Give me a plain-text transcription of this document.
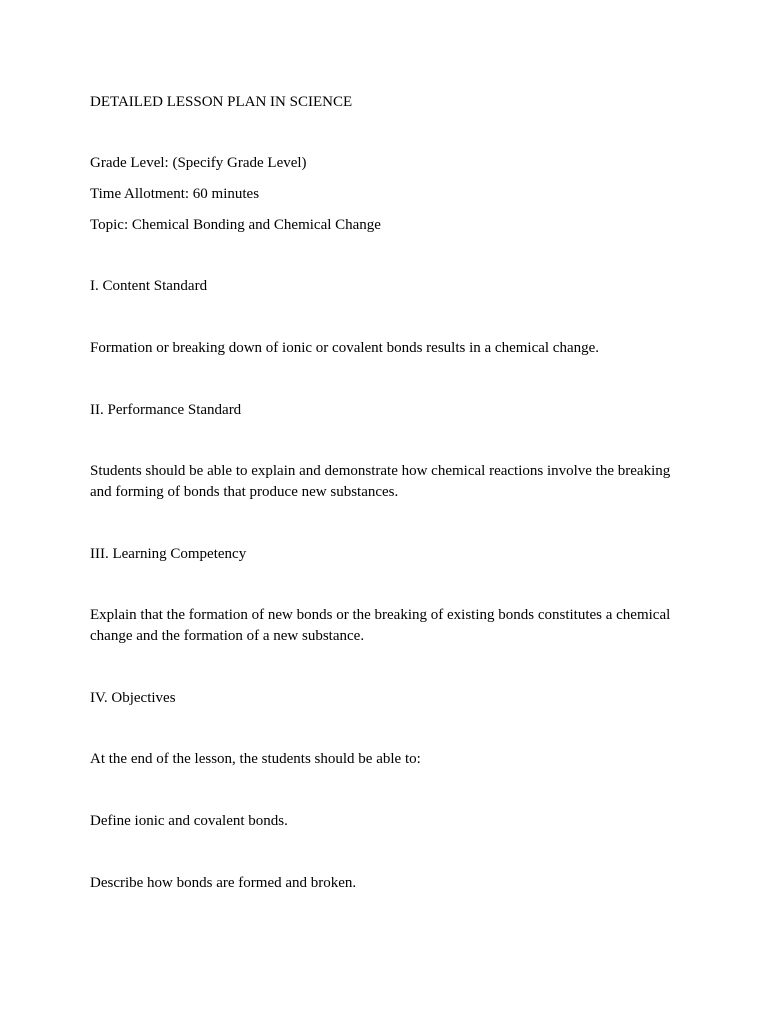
DETAILED LESSON PLAN IN SCIENCE

Grade Level: (Specify Grade Level)

Time Allotment: 60 minutes

Topic: Chemical Bonding and Chemical Change

I. Content Standard

Formation or breaking down of ionic or covalent bonds results in a chemical change.

II. Performance Standard

Students should be able to explain and demonstrate how chemical reactions involve the breaking and forming of bonds that produce new substances.

III. Learning Competency

Explain that the formation of new bonds or the breaking of existing bonds constitutes a chemical change and the formation of a new substance.

IV. Objectives

At the end of the lesson, the students should be able to:

Define ionic and covalent bonds.

Describe how bonds are formed and broken.
